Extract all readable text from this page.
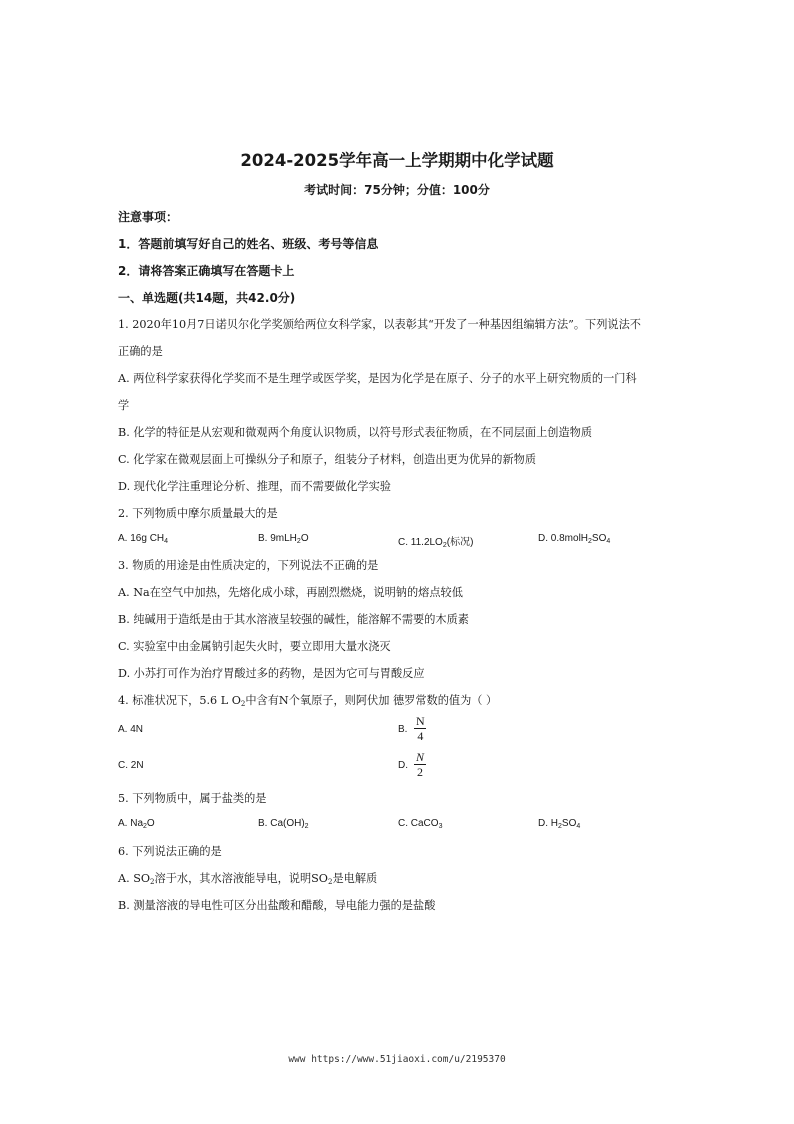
2024-2025学年高一上学期期中化学试题
考试时间：75分钟；分值：100分
注意事项：
1．答题前填写好自己的姓名、班级、考号等信息
2．请将答案正确填写在答题卡上
一、单选题(共14题，共42.0分)
1. 2020年10月7日诺贝尔化学奖颁给两位女科学家，以表彰其“开发了一种基因组编辑方法”。下列说法不
正确的是
A. 两位科学家获得化学奖而不是生理学或医学奖，是因为化学是在原子、分子的水平上研究物质的一门科
学
B. 化学的特征是从宏观和微观两个角度认识物质，以符号形式表征物质，在不同层面上创造物质
C. 化学家在微观层面上可操纵分子和原子，组装分子材料，创造出更为优异的新物质
D. 现代化学注重理论分析、推理，而不需要做化学实验
2. 下列物质中摩尔质量最大的是
A. 16g $CH_4$	B. 9mLH$_2$O	C. $11.2LO_2$(标况)	D. $0.8molH_2SO_4$
3. 物质的用途是由性质决定的，下列说法不正确的是
A. Na在空气中加热，先熔化成小球，再剧烈燃烧，说明钠的熔点较低
B. 纯碱用于造纸是由于其水溶液呈较强的碱性，能溶解不需要的木质素
C. 实验室中由金属钠引起失火时，要立即用大量水浇灭
D. 小苏打可作为治疗胃酸过多的药物，是因为它可与胃酸反应
4. 标准状况下，5.6 L $O_2$中含有N个氧原子，则阿伏加 德罗常数的值为（ ）
A. 4N	B.
N
4
C. 2N	D.
N
2
5. 下列物质中，属于盐类的是
A. $Na_2O$	B. $Ca(OH)_2$	C. CaCO$_3$	D. $H_2SO_4$
6. 下列说法正确的是
A. $SO_2$溶于水，其水溶液能导电，说明$SO_2$是电解质
B. 测量溶液的导电性可区分出盐酸和醋酸，导电能力强的是盐酸
www https://www.51jiaoxi.com/u/2195370
